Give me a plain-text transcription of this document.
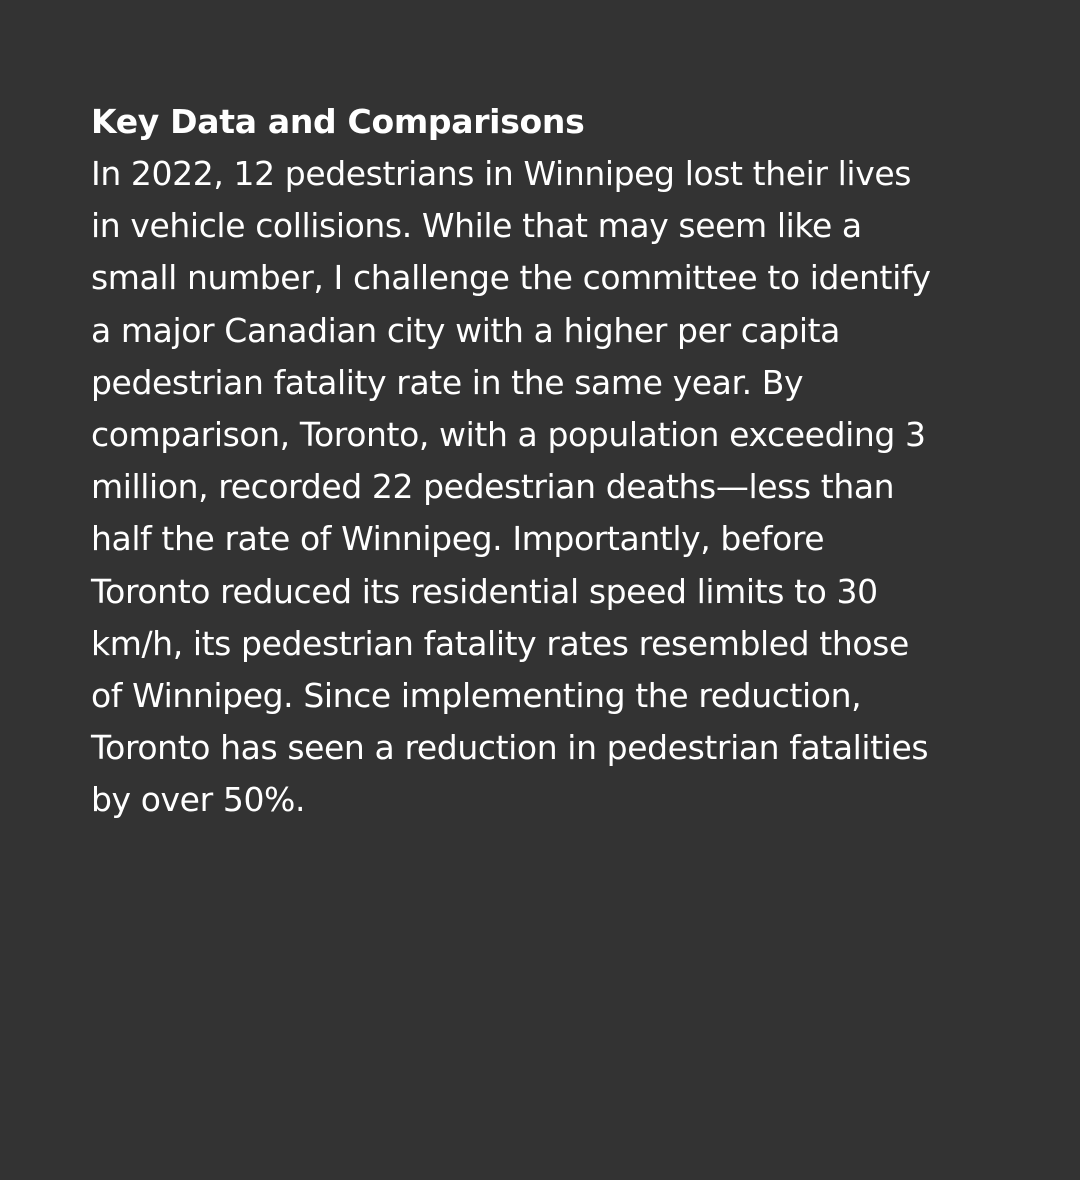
Key Data and Comparisons

In 2022, 12 pedestrians in Winnipeg lost their lives
in vehicle collisions. While that may seem like a
small number, I challenge the committee to identify
a major Canadian city with a higher per capita
pedestrian fatality rate in the same year. By
comparison, Toronto, with a population exceeding 3
million, recorded 22 pedestrian deaths—less than
half the rate of Winnipeg. Importantly, before
Toronto reduced its residential speed limits to 30
km/h, its pedestrian fatality rates resembled those
of Winnipeg. Since implementing the reduction,
Toronto has seen a reduction in pedestrian fatalities
by over 50%.
